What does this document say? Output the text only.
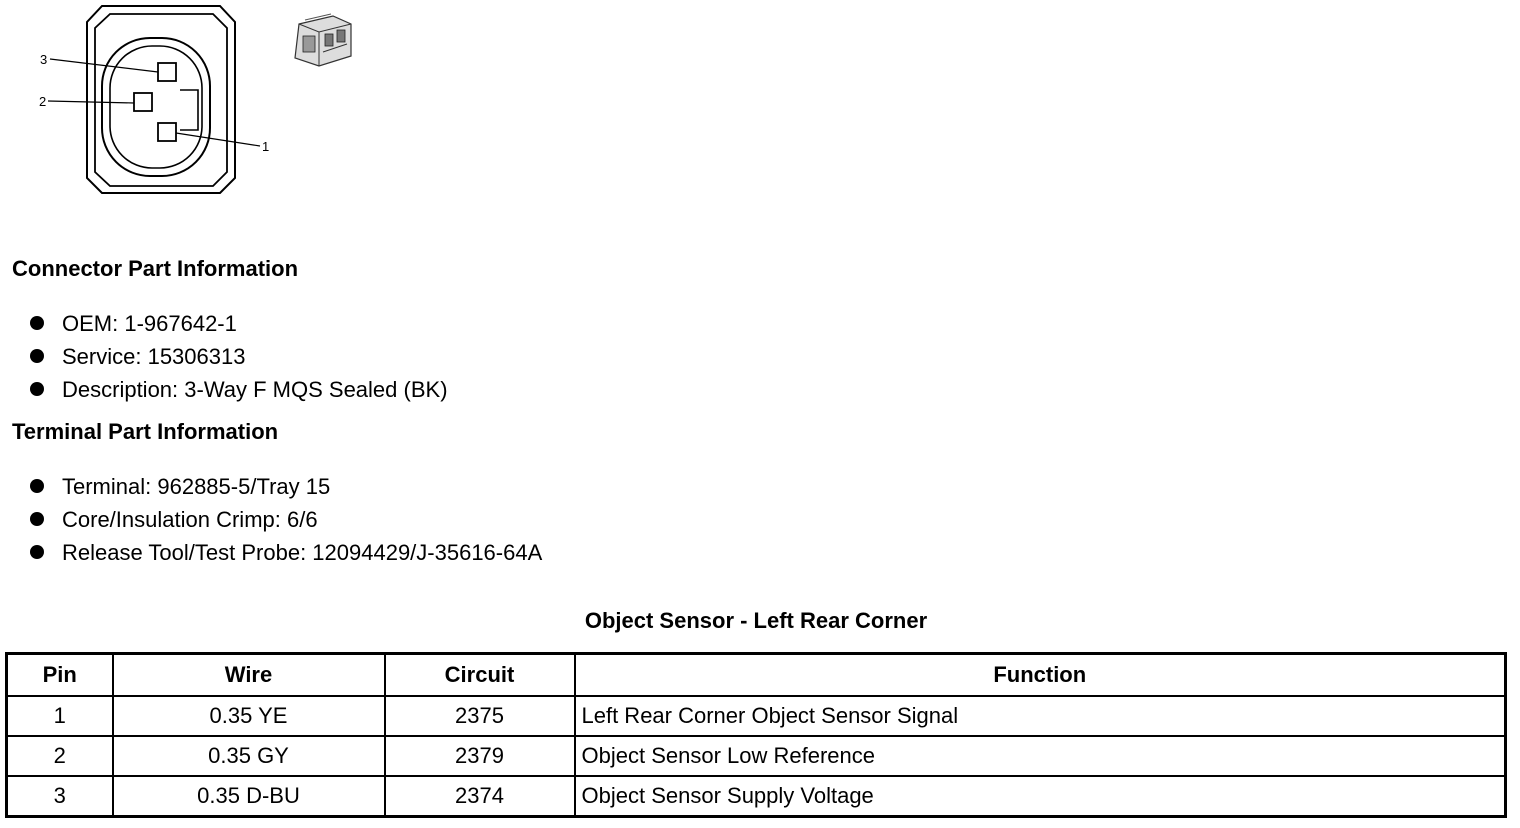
3
2
1
Connector Part Information
OEM: 1-967642-1
Service: 15306313
Description: 3-Way F MQS Sealed (BK)
Terminal Part Information
Terminal: 962885-5/Tray 15
Core/Insulation Crimp: 6/6
Release Tool/Test Probe: 12094429/J-35616-64A
Object Sensor - Left Rear Corner
Pin	Wire	Circuit	Function
1	0.35 YE	2375	Left Rear Corner Object Sensor Signal
2	0.35 GY	2379	Object Sensor Low Reference
3	0.35 D-BU	2374	Object Sensor Supply Voltage
